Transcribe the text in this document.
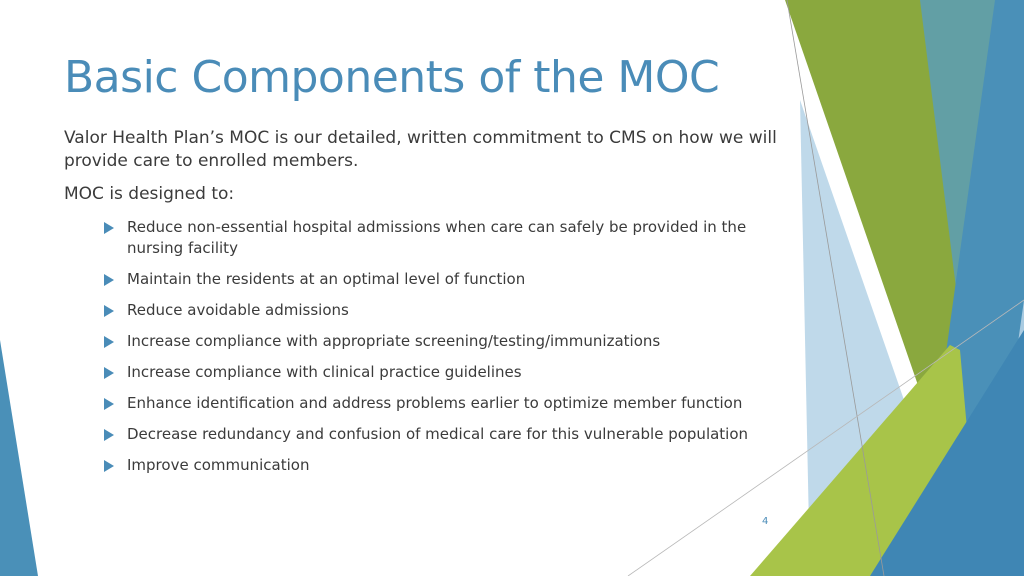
Basic Components of the MOC

Valor Health Plan’s MOC is our detailed, written commitment to CMS on how we will provide care to enrolled members.

MOC is designed to:

Reduce non-essential hospital admissions when care can safely be provided in the nursing facility
Maintain the residents at an optimal level of function
Reduce avoidable admissions
Increase compliance with appropriate screening/testing/immunizations
Increase compliance with clinical practice guidelines
Enhance identification and address problems earlier to optimize member function
Decrease redundancy and confusion of medical care for this vulnerable population
Improve communication
4
